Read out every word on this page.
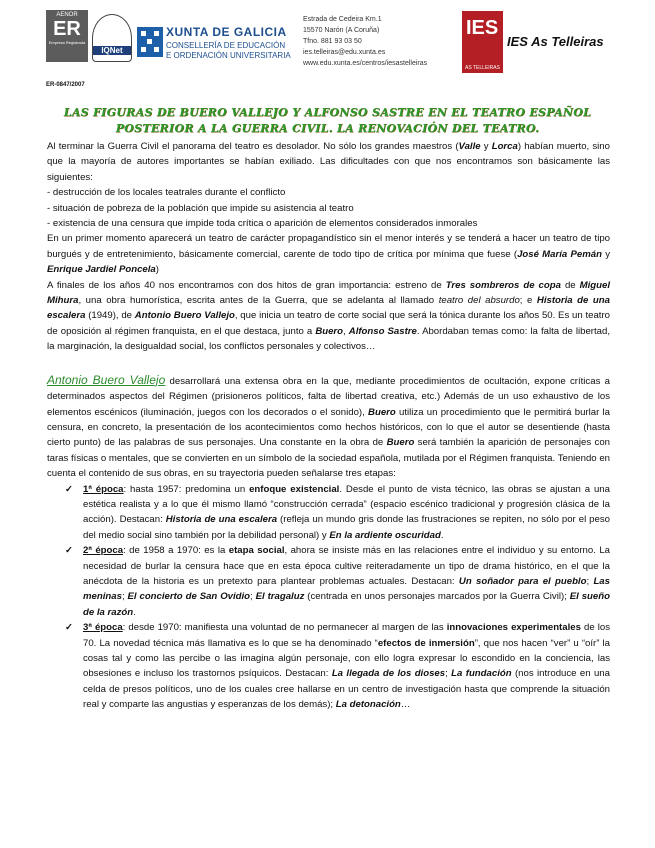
AENOR
ER
Empresa Registrada
ER-0847/2007
IQNet
XUNTA DE GALICIA
CONSELLERÍA DE EDUCACIÓN
E ORDENACIÓN UNIVERSITARIA
Estrada de Cedeira Km.1
15570 Narón (A Coruña)
Tfno. 881 93 03 50
ies.telleiras@edu.xunta.es
www.edu.xunta.es/centros/iesastelleiras
IES
AS TELLEIRAS
IES As Telleiras
LAS FIGURAS DE BUERO VALLEJO Y ALFONSO SASTRE EN EL TEATRO ESPAÑOL
POSTERIOR A LA GUERRA CIVIL. LA RENOVACIÓN DEL TEATRO.

Al terminar la Guerra Civil el panorama del teatro es desolador. No sólo los grandes maestros (Valle y Lorca) habían muerto, sino que la mayoría de autores importantes se habían exiliado. Las dificultades con que nos encontramos son básicamente las siguientes:

- destrucción de los locales teatrales durante el conflicto

- situación de pobreza de la población que impide su asistencia al teatro

- existencia de una censura que impide toda crítica o aparición de elementos considerados inmorales

En un primer momento aparecerá un teatro de carácter propagandístico sin el menor interés y se tenderá a hacer un teatro de tipo burgués y de entretenimiento, básicamente comercial, carente de todo tipo de crítica por mínima que fuese (José María Pemán y Enrique Jardiel Poncela)

A finales de los años 40 nos encontramos con dos hitos de gran importancia: estreno de Tres sombreros de copa de Miguel Mihura, una obra humorística, escrita antes de la Guerra, que se adelanta al llamado teatro del absurdo; e Historia de una escalera (1949), de Antonio Buero Vallejo, que inicia un teatro de corte social que será la tónica durante los años 50. Es un teatro de oposición al régimen franquista, en el que destaca, junto a Buero, Alfonso Sastre. Abordaban temas como: la falta de libertad, la marginación, la desigualdad social, los conflictos personales y colectivos…

Antonio Buero Vallejo desarrollará una extensa obra en la que, mediante procedimientos de ocultación, expone críticas a determinados aspectos del Régimen (prisioneros políticos, falta de libertad creativa, etc.) Además de un uso exhaustivo de los elementos escénicos (iluminación, juegos con los decorados o el sonido), Buero utiliza un procedimiento que le permitirá burlar la censura, en concreto, la presentación de los acontecimientos como hechos históricos, con lo que el autor se desentiende (hasta cierto punto) de las palabras de sus personajes. Una constante en la obra de Buero será también la aparición de personajes con taras físicas o mentales, que se convierten en un símbolo de la sociedad española, mutilada por el Régimen franquista. Teniendo en cuenta el contenido de sus obras, en su trayectoria pueden señalarse tres etapas:

✓ 1ª época: hasta 1957: predomina un enfoque existencial. Desde el punto de vista técnico, las obras se ajustan a una estética realista y a lo que él mismo llamó “construcción cerrada” (espacio escénico tradicional y progresión clásica de la acción). Destacan: Historia de una escalera (refleja un mundo gris donde las frustraciones se repiten, no sólo por el peso del medio social sino también por la debilidad personal) y En la ardiente oscuridad.
✓ 2ª época: de 1958 a 1970: es la etapa social, ahora se insiste más en las relaciones entre el individuo y su entorno. La necesidad de burlar la censura hace que en esta época cultive reiteradamente un tipo de drama histórico, en el que la anécdota de la historia es un pretexto para plantear problemas actuales. Destacan: Un soñador para el pueblo; Las meninas; El concierto de San Ovidio; El tragaluz (centrada en unos personajes marcados por la Guerra Civil); El sueño de la razón.
✓ 3ª época: desde 1970: manifiesta una voluntad de no permanecer al margen de las innovaciones experimentales de los 70. La novedad técnica más llamativa es lo que se ha denominado “efectos de inmersión”, que nos hacen “ver” u “oír” la cosas tal y como las percibe o las imagina algún personaje, con ello logra expresar lo escondido en la conciencia, las obsesiones e incluso los trastornos psíquicos. Destacan: La llegada de los dioses; La fundación (nos introduce en una celda de presos políticos, uno de los cuales cree hallarse en un centro de investigación hasta que comprende la situación real y comparte las angustias y esperanzas de los demás); La detonación…
